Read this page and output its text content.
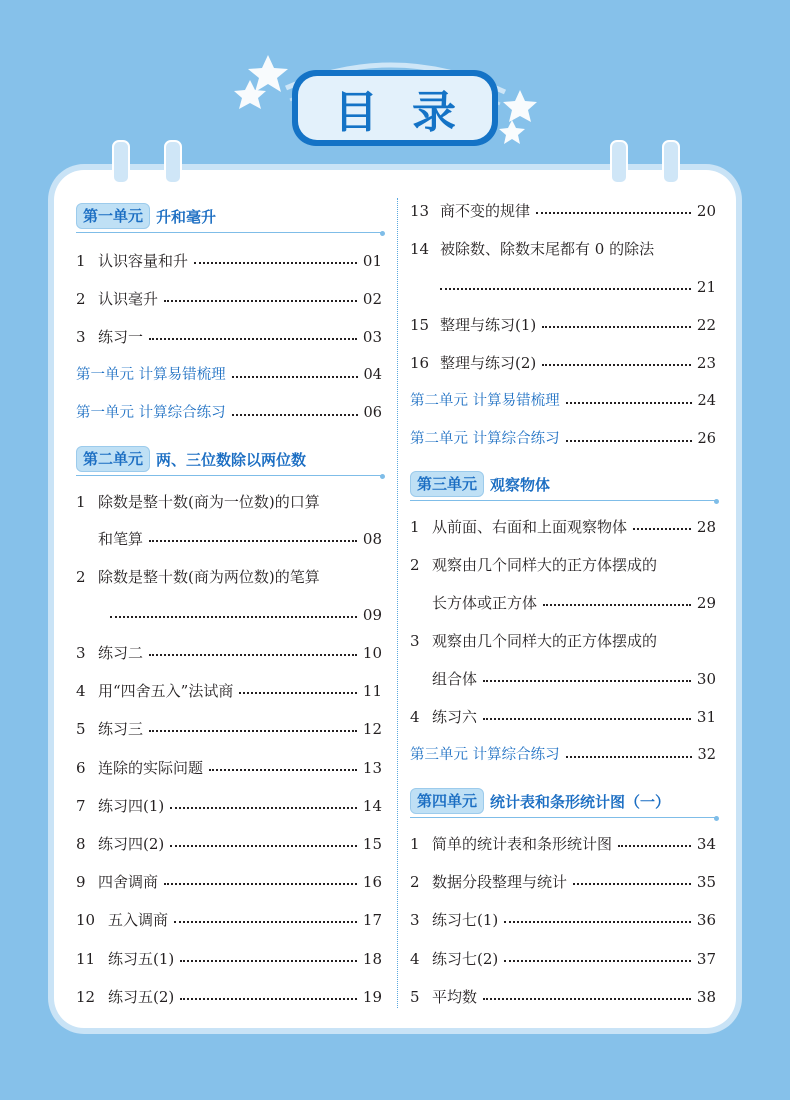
目录
第一单元 升和毫升
1 认识容量和升	01
2 认识毫升	02
3 练习一	03
第一单元 计算易错梳理	04
第一单元 计算综合练习	06
第二单元 两、三位数除以两位数
1 除数是整十数(商为一位数)的口算
和笔算	08
2 除数是整十数(商为两位数)的笔算
09
3 练习二	10
4 用“四舍五入”法试商	11
5 练习三	12
6 连除的实际问题	13
7 练习四(1)	14
8 练习四(2)	15
9 四舍调商	16
10 五入调商	17
11 练习五(1)	18
12 练习五(2)	19
13 商不变的规律	20
14 被除数、除数末尾都有 0 的除法
21
15 整理与练习(1)	22
16 整理与练习(2)	23
第二单元 计算易错梳理	24
第二单元 计算综合练习	26
第三单元 观察物体
1 从前面、右面和上面观察物体	28
2 观察由几个同样大的正方体摆成的
长方体或正方体	29
3 观察由几个同样大的正方体摆成的
组合体	30
4 练习六	31
第三单元 计算综合练习	32
第四单元 统计表和条形统计图（一）
1 简单的统计表和条形统计图	34
2 数据分段整理与统计	35
3 练习七(1)	36
4 练习七(2)	37
5 平均数	38
